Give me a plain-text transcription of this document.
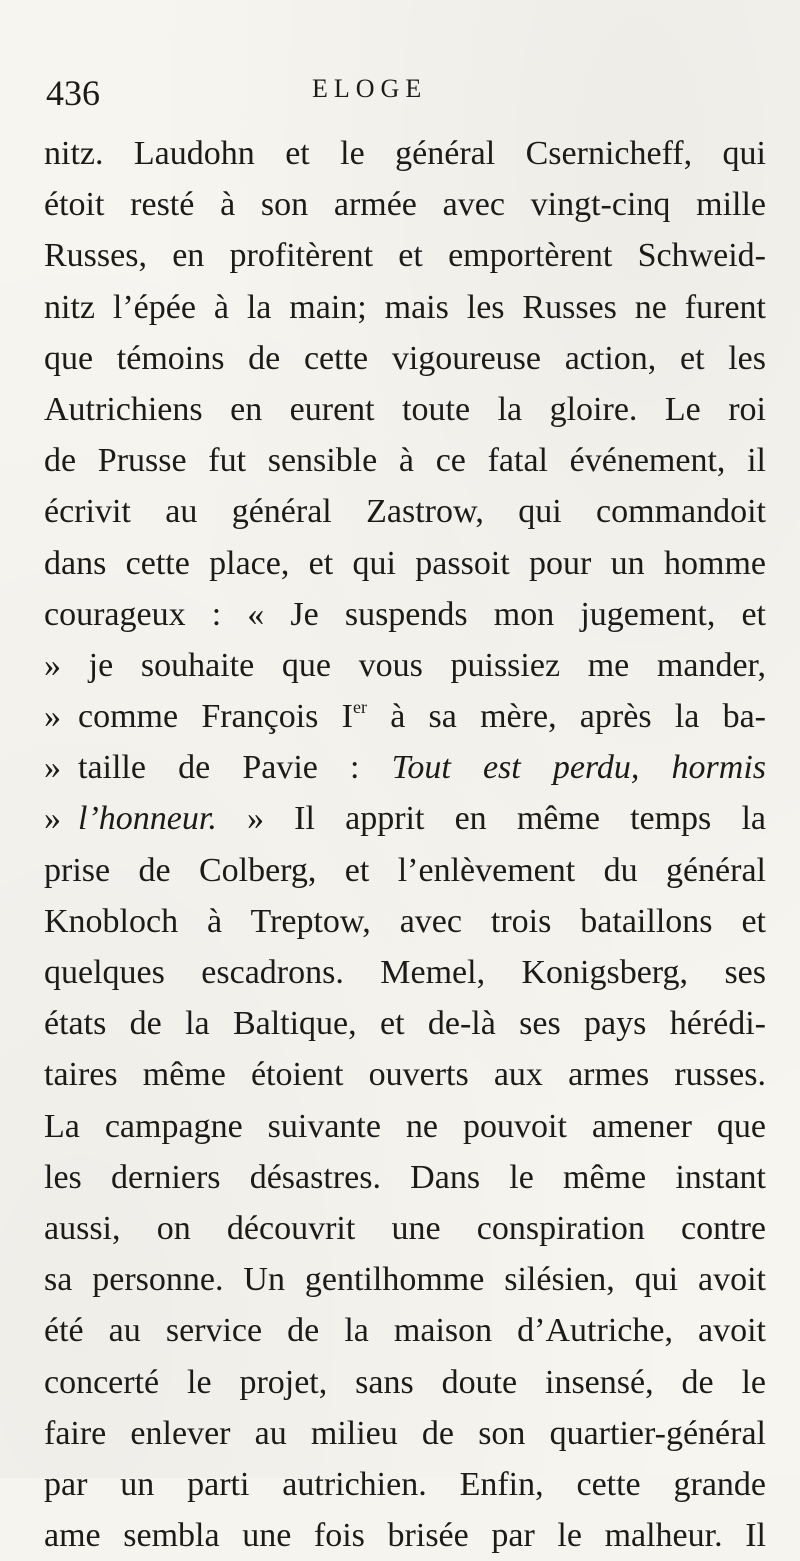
436	ELOGE
nitz. Laudohn et le général Csernicheff, qui
étoit resté à son armée avec vingt-cinq mille
Russes, en profitèrent et emportèrent Schweid-
nitz l’épée à la main; mais les Russes ne furent
que témoins de cette vigoureuse action, et les
Autrichiens en eurent toute la gloire. Le roi
de Prusse fut sensible à ce fatal événement, il
écrivit au général Zastrow, qui commandoit
dans cette place, et qui passoit pour un homme
courageux : « Je suspends mon jugement, et
» je souhaite que vous puissiez me mander,
» comme François Ier à sa mère, après la ba-
» taille de Pavie : Tout est perdu, hormis
» l’honneur. » Il apprit en même temps la
prise de Colberg, et l’enlèvement du général
Knobloch à Treptow, avec trois bataillons et
quelques escadrons. Memel, Konigsberg, ses
états de la Baltique, et de-là ses pays hérédi-
taires même étoient ouverts aux armes russes.
La campagne suivante ne pouvoit amener que
les derniers désastres. Dans le même instant
aussi, on découvrit une conspiration contre
sa personne. Un gentilhomme silésien, qui avoit
été au service de la maison d’Autriche, avoit
concerté le projet, sans doute insensé, de le
faire enlever au milieu de son quartier-général
par un parti autrichien. Enfin, cette grande
ame sembla une fois brisée par le malheur. Il
